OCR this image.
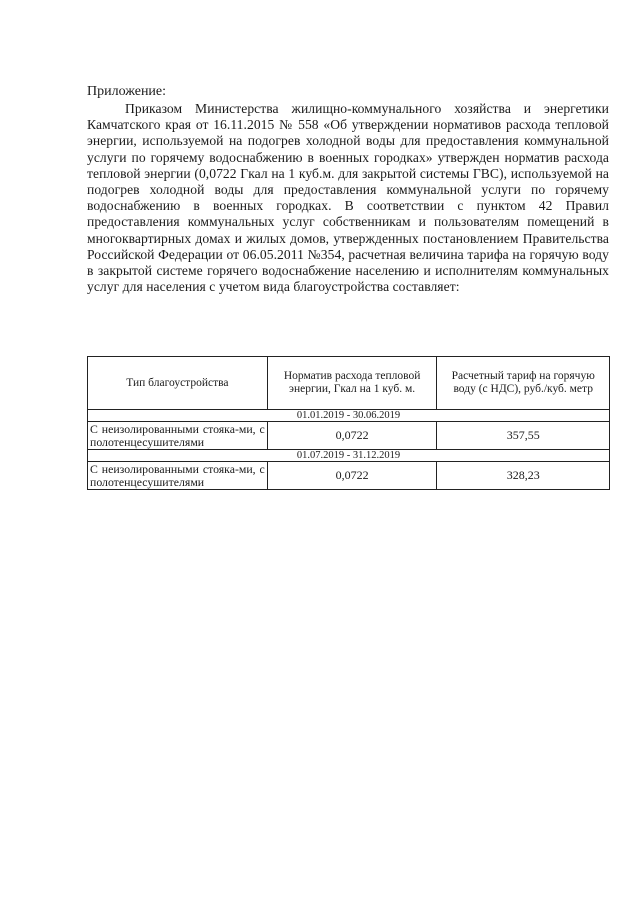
Приложение:

Приказом Министерства жилищно-коммунального хозяйства и энергетики Камчатского края от 16.11.2015 № 558 «Об утверждении нормативов расхода тепловой энергии, используемой на подогрев холодной воды для предоставления коммунальной услуги по горячему водоснабжению в военных городках» утвержден норматив расхода тепловой энергии (0,0722 Гкал на 1 куб.м. для закрытой системы ГВС), используемой на подогрев холодной воды для предоставления коммунальной услуги по горячему водоснабжению в военных городках. В соответствии с пунктом 42 Правил предоставления коммунальных услуг собственникам и пользователям помещений в многоквартирных домах и жилых домов, утвержденных постановлением Правительства Российской Федерации от 06.05.2011 №354, расчетная величина тарифа на горячую воду в закрытой системе горячего водоснабжение населению и исполнителям коммунальных услуг для населения с учетом вида благоустройства составляет:

Тип благоустройства	Норматив расхода тепловой энергии, Гкал на 1 куб. м.	Расчетный тариф на горячую воду (с НДС), руб./куб. метр
01.01.2019 - 30.06.2019		
С неизолированными стояка-ми, с полотенцесушителями	0,0722	357,55
01.07.2019 - 31.12.2019		
С неизолированными стояка-ми, с полотенцесушителями	0,0722	328,23
